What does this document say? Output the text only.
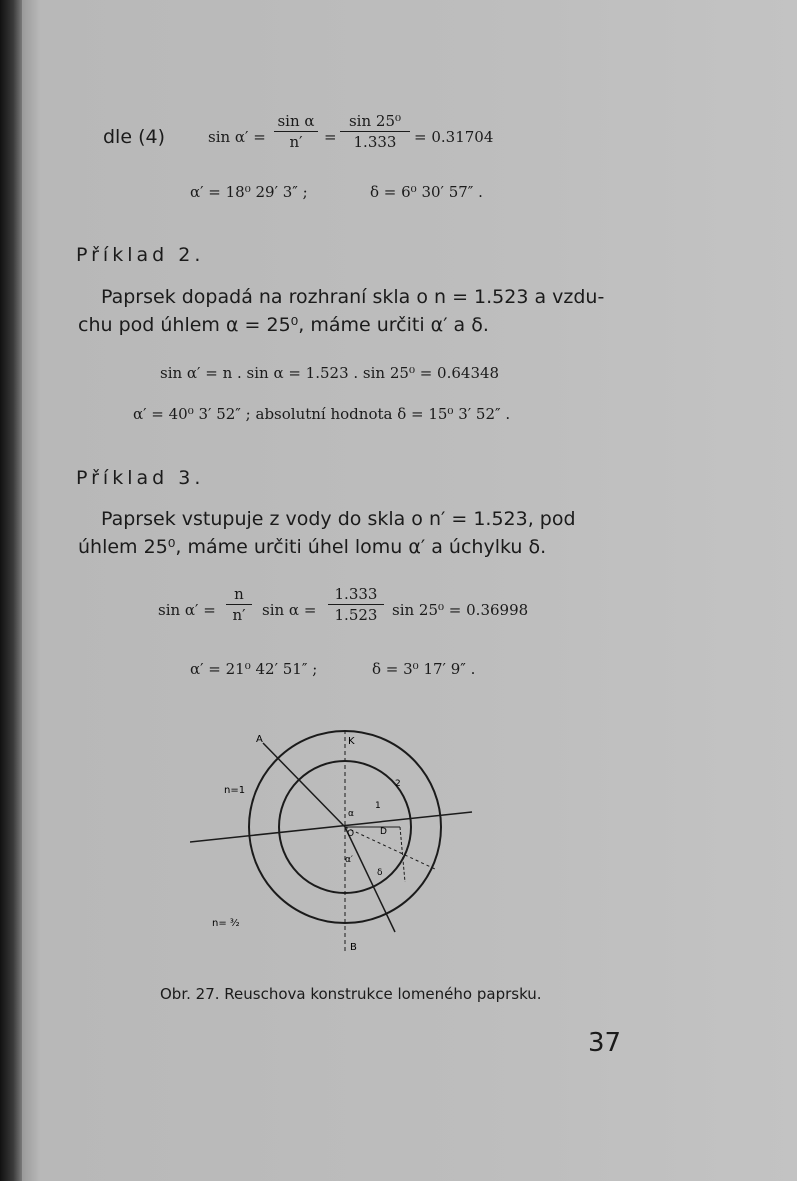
dle (4)	sin α′ =
sin α
n′	=
sin 25⁰
1.333	= 0.31704
α′ = 18⁰ 29′ 3″ ;	δ = 6⁰ 30′ 57″ .
Příklad 2.
Paprsek dopadá na rozhraní skla o n = 1.523 a vzdu-
chu pod úhlem α = 25⁰, máme určiti α′ a δ.
sin α′ = n . sin α = 1.523 . sin 25⁰ = 0.64348
α′ = 40⁰ 3′ 52″ ; absolutní hodnota δ = 15⁰ 3′ 52″ .
Příklad 3.
Paprsek vstupuje z vody do skla o n′ = 1.523, pod
úhlem 25⁰, máme určiti úhel lomu α′ a úchylku δ.
sin α′ =
n
n′	sin α =
1.333
1.523 sin 25⁰ = 0.36998
α′ = 21⁰ 42′ 51″ ;	δ = 3⁰ 17′ 9″ .
A	K
B
O	D
n=1
n= ³⁄₂
2
1
α
α′
δ
Obr. 27. Reuschova konstrukce lomeného paprsku.
37
